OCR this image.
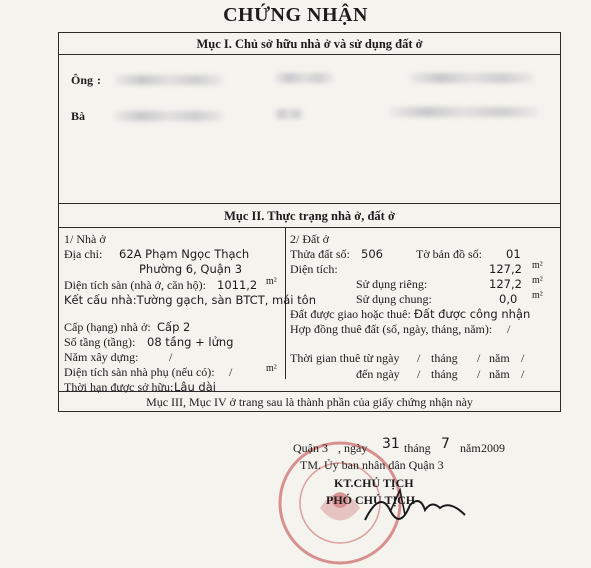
CHỨNG NHẬN
Mục I. Chủ sở hữu nhà ở và sử dụng đất ở
Ông :
Bà
Mục II. Thực trạng nhà ở, đất ở
1/ Nhà ở
Địa chỉ: 62A Phạm Ngọc Thạch
Phường 6, Quận 3
Diện tích sàn (nhà ở, căn hộ): 1011,2 m²
Kết cấu nhà:Tường gạch, sàn BTCT, mái tôn
Cấp (hạng) nhà ở: Cấp 2
Số tầng (tầng): 08 tầng + lửng
Năm xây dựng:	/
Diện tích sàn nhà phụ (nếu có): /	m²
Thời hạn được sở hữu: Lâu dài
2/ Đất ở
Thửa đất số: 506	Tờ bản đồ số: 01
Diện tích:	127,2 m²
Sử dụng riêng:	127,2 m²
Sử dụng chung:	0,0 m²
Đất được giao hoặc thuê: Đất được công nhận
Hợp đồng thuê đất (số, ngày, tháng, năm): /
Thời gian thuê từ ngày / tháng / năm /
đến ngày / tháng / năm /
Mục III, Mục IV ở trang sau là thành phần của giấy chứng nhận này
Quận 3 , ngày 31 tháng 7 năm 2009
TM. Ủy ban nhân dân Quận 3
KT.CHỦ TỊCH
PHÓ CHỦ TỊCH
